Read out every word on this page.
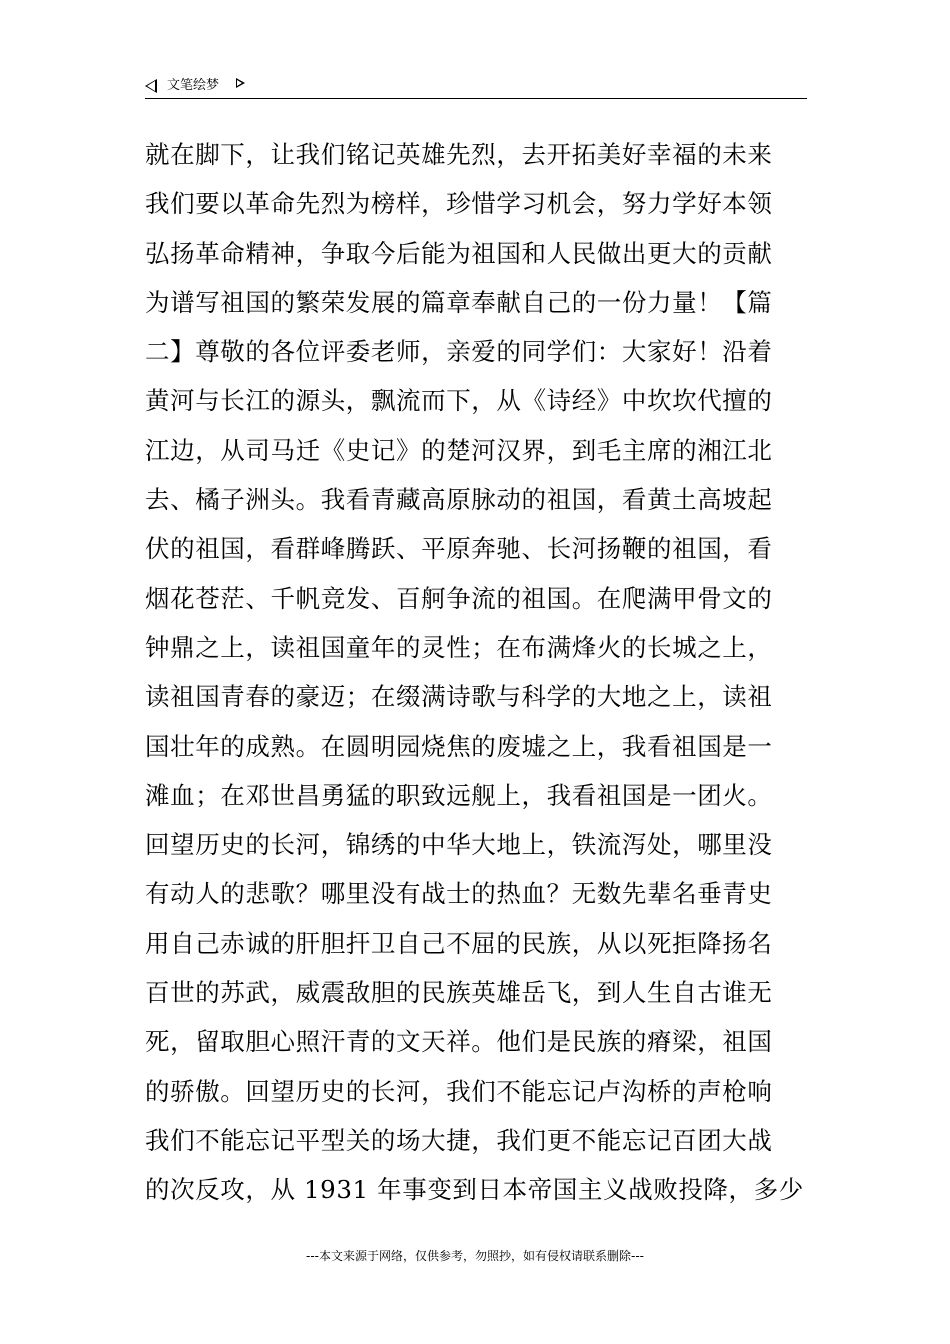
文笔绘梦
就在脚下，让我们铭记英雄先烈，去开拓美好幸福的未来
我们要以革命先烈为榜样，珍惜学习机会，努力学好本领
弘扬革命精神，争取今后能为祖国和人民做出更大的贡献
为谱写祖国的繁荣发展的篇章奉献自己的一份力量！【篇
二】尊敬的各位评委老师，亲爱的同学们：大家好！沿着
黄河与长江的源头，飘流而下，从《诗经》中坎坎代擅的
江边，从司马迁《史记》的楚河汉界，到毛主席的湘江北
去、橘子洲头。我看青藏高原脉动的祖国，看黄土高坡起
伏的祖国，看群峰腾跃、平原奔驰、长河扬鞭的祖国，看
烟花苍茫、千帆竞发、百舸争流的祖国。在爬满甲骨文的
钟鼎之上，读祖国童年的灵性；在布满烽火的长城之上，
读祖国青春的豪迈；在缀满诗歌与科学的大地之上，读祖
国壮年的成熟。在圆明园烧焦的废墟之上，我看祖国是一
滩血；在邓世昌勇猛的职致远舰上，我看祖国是一团火。
回望历史的长河，锦绣的中华大地上，铁流泻处，哪里没
有动人的悲歌？哪里没有战士的热血？无数先辈名垂青史
用自己赤诚的肝胆扞卫自己不屈的民族，从以死拒降扬名
百世的苏武，威震敌胆的民族英雄岳飞，到人生自古谁无
死，留取胆心照汗青的文天祥。他们是民族的瘠梁，祖国
的骄傲。回望历史的长河，我们不能忘记卢沟桥的声枪响
我们不能忘记平型关的场大捷，我们更不能忘记百团大战
的次反攻，从 1931 年事变到日本帝国主义战败投降，多少
---本文来源于网络，仅供参考，勿照抄，如有侵权请联系删除---
